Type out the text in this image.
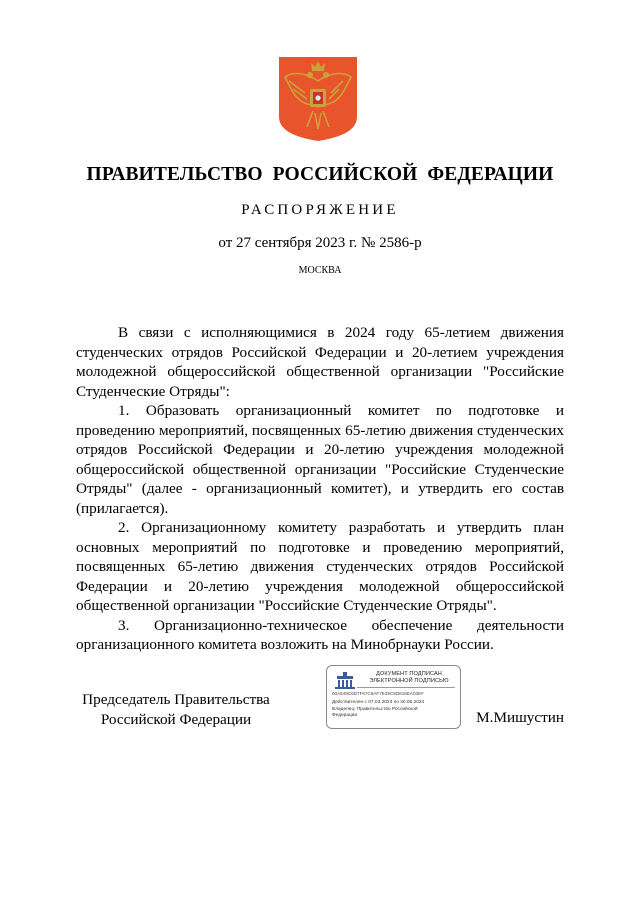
ПРАВИТЕЛЬСТВО РОССИЙСКОЙ ФЕДЕРАЦИИ
РАСПОРЯЖЕНИЕ
от 27 сентября 2023 г. № 2586-р
МОСКВА

В связи с исполняющимися в 2024 году 65-летием движения студенческих отрядов Российской Федерации и 20-летием учреждения молодежной общероссийской общественной организации "Российские Студенческие Отряды":

1. Образовать организационный комитет по подготовке и проведению мероприятий, посвященных 65-летию движения студенческих отрядов Российской Федерации и 20-летию учреждения молодежной общероссийской общественной организации "Российские Студенческие Отряды" (далее - организационный комитет), и утвердить его состав (прилагается).

2. Организационному комитету разработать и утвердить план основных мероприятий по подготовке и проведению мероприятий, посвященных 65-летию движения студенческих отрядов Российской Федерации и 20-летию учреждения молодежной общероссийской общественной организации "Российские Студенческие Отряды".

3. Организационно-техническое обеспечение деятельности организационного комитета возложить на Минобрнауки России.

Председатель Правительства
Российской Федерации
ДОКУМЕНТ ПОДПИСАН
ЭЛЕКТРОННОЙ ПОДПИСЬЮ
00A549C6D7F67C8AF7E29C8D816EA03EF
Действителен с 07.03.2023 по 30.05.2024
Владелец: Правительство Российской Федерации	М.Мишустин
